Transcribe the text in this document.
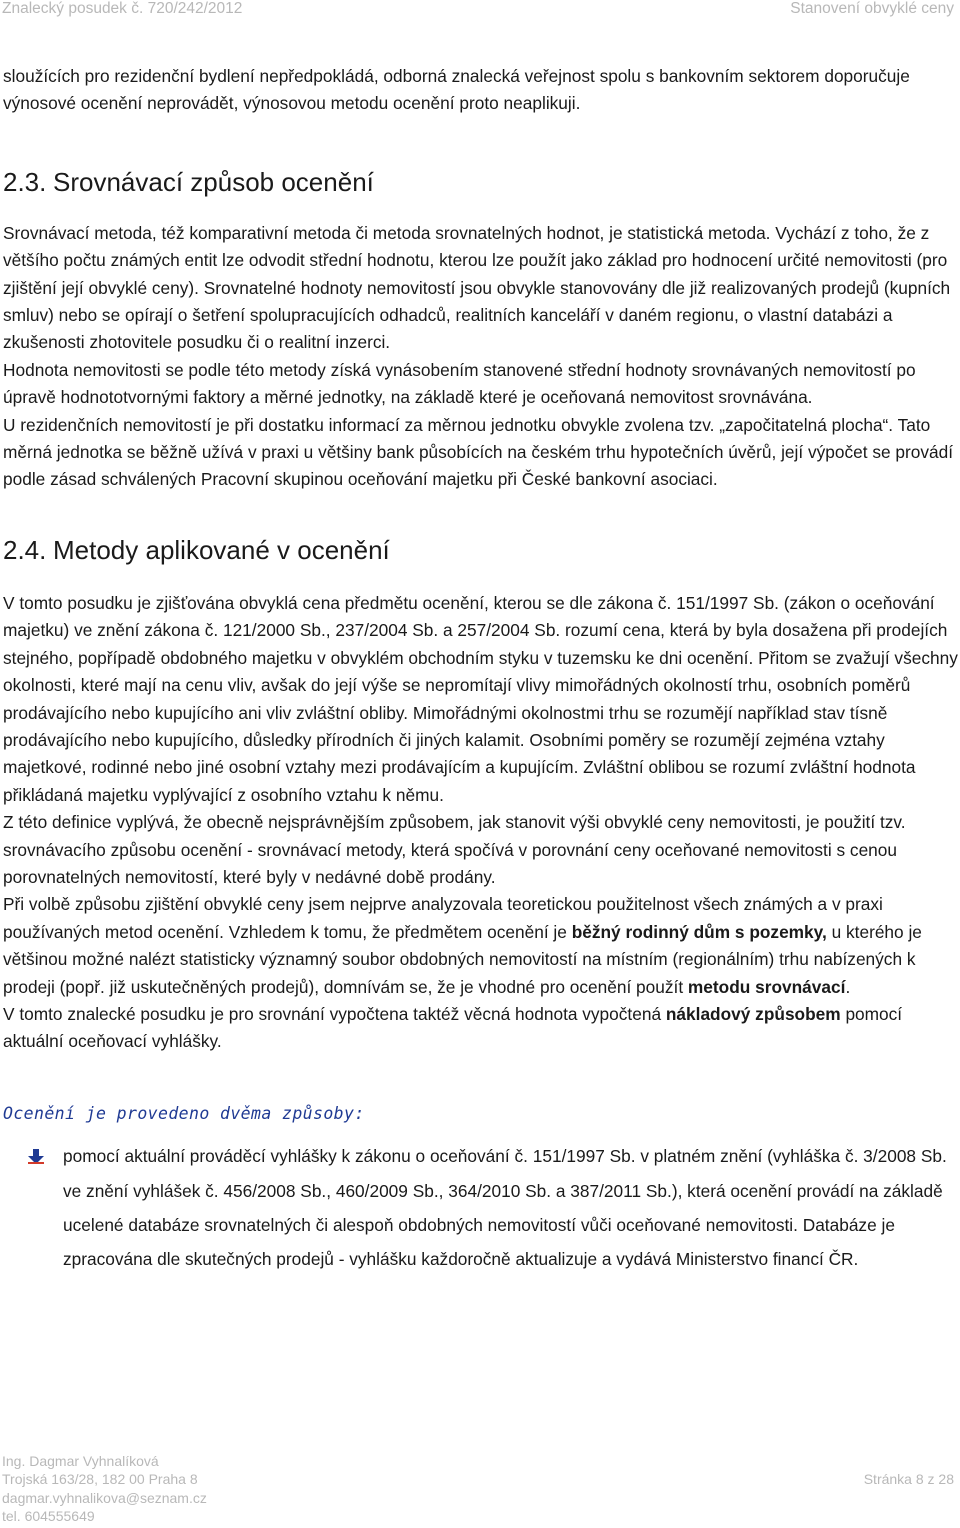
Znalecký posudek č. 720/242/2012	Stanovení obvyklé ceny

sloužících pro rezidenční bydlení nepředpokládá, odborná znalecká veřejnost spolu s bankovním sektorem doporučuje výnosové ocenění neprovádět, výnosovou metodu ocenění proto neaplikuji.

2.3. Srovnávací způsob ocenění

Srovnávací metoda, též komparativní metoda či metoda srovnatelných hodnot, je statistická metoda. Vychází z toho, že z většího počtu známých entit lze odvodit střední hodnotu, kterou lze použít jako základ pro hodnocení určité nemovitosti (pro zjištění její obvyklé ceny). Srovnatelné hodnoty nemovitostí jsou obvykle stanovovány dle již realizovaných prodejů (kupních smluv) nebo se opírají o šetření spolupracujících odhadců, realitních kanceláří v daném regionu, o vlastní databázi a zkušenosti zhotovitele posudku či o realitní inzerci.

Hodnota nemovitosti se podle této metody získá vynásobením stanovené střední hodnoty srovnávaných nemovitostí po úpravě hodnototvornými faktory a měrné jednotky, na základě které je oceňovaná nemovitost srovnávána.

U rezidenčních nemovitostí je při dostatku informací za měrnou jednotku obvykle zvolena tzv. „započitatelná plocha“. Tato měrná jednotka se běžně užívá v praxi u většiny bank působících na českém trhu hypotečních úvěrů, její výpočet se provádí podle zásad schválených Pracovní skupinou oceňování majetku při České bankovní asociaci.

2.4. Metody aplikované v ocenění

V tomto posudku je zjišťována obvyklá cena předmětu ocenění, kterou se dle zákona č. 151/1997 Sb. (zákon o oceňování majetku) ve znění zákona č. 121/2000 Sb., 237/2004 Sb. a 257/2004 Sb. rozumí cena, která by byla dosažena při prodejích stejného, popřípadě obdobného majetku v obvyklém obchodním styku v tuzemsku ke dni ocenění. Přitom se zvažují všechny okolnosti, které mají na cenu vliv, avšak do její výše se nepromítají vlivy mimořádných okolností trhu, osobních poměrů prodávajícího nebo kupujícího ani vliv zvláštní obliby. Mimořádnými okolnostmi trhu se rozumějí například stav tísně prodávajícího nebo kupujícího, důsledky přírodních či jiných kalamit. Osobními poměry se rozumějí zejména vztahy majetkové, rodinné nebo jiné osobní vztahy mezi prodávajícím a kupujícím. Zvláštní oblibou se rozumí zvláštní hodnota přikládaná majetku vyplývající z osobního vztahu k němu.

Z této definice vyplývá, že obecně nejsprávnějším způsobem, jak stanovit výši obvyklé ceny nemovitosti, je použití tzv. srovnávacího způsobu ocenění - srovnávací metody, která spočívá v porovnání ceny oceňované nemovitosti s cenou porovnatelných nemovitostí, které byly v nedávné době prodány.

Při volbě způsobu zjištění obvyklé ceny jsem nejprve analyzovala teoretickou použitelnost všech známých a v praxi používaných metod ocenění. Vzhledem k tomu, že předmětem ocenění je běžný rodinný dům s pozemky, u kterého je většinou možné nalézt statisticky významný soubor obdobných nemovitostí na místním (regionálním) trhu nabízených k prodeji (popř. již uskutečněných prodejů), domnívám se, že je vhodné pro ocenění použít metodu srovnávací.

V tomto znalecké posudku je pro srovnání vypočtena taktéž věcná hodnota vypočtená nákladový způsobem pomocí aktuální oceňovací vyhlášky.

Ocenění je provedeno dvěma způsoby:

pomocí aktuální prováděcí vyhlášky k zákonu o oceňování č. 151/1997 Sb. v platném znění (vyhláška č. 3/2008 Sb. ve znění vyhlášek č. 456/2008 Sb., 460/2009 Sb., 364/2010 Sb. a 387/2011 Sb.), která ocenění provádí na základě ucelené databáze srovnatelných či alespoň obdobných nemovitostí vůči oceňované nemovitosti. Databáze je zpracována dle skutečných prodejů - vyhlášku každoročně aktualizuje a vydává Ministerstvo financí ČR.

Ing. Dagmar Vyhnalíková
Trojská 163/28, 182 00 Praha 8
dagmar.vyhnalikova@seznam.cz
tel. 604555649
Stránka 8 z 28
